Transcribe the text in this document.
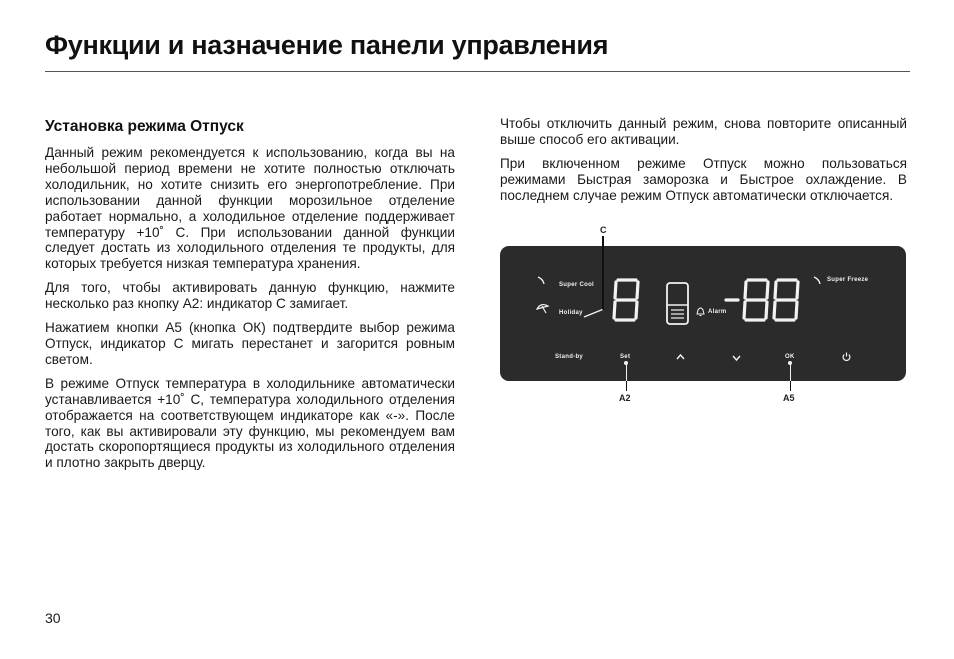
Функции и назначение панели управления
Установка режима Отпуск

Данный режим рекомендуется к использованию, когда вы на небольшой период времени не хотите полностью отключать холодильник, но хотите снизить его энергопотребление. При использовании данной функции морозильное отделение работает нормально, а холодильное отделение поддерживает температуру +10˚ С. При использовании данной функции следует достать из холодильного отделения те продукты, для которых требуется низкая температура хранения.

Для того, чтобы активировать данную функцию, нажмите несколько раз кнопку А2: индикатор С замигает.

Нажатием кнопки А5 (кнопка ОК) подтвердите выбор режима Отпуск, индикатор С мигать перестанет и загорится ровным светом.

В режиме Отпуск температура в холодильнике автоматически устанавливается +10˚ С, температура холодильного отделения отображается на соответствующем индикаторе как «-». После того, как вы активировали эту функцию, мы рекомендуем вам достать скоропортящиеся продукты из холодильного отделения и плотно закрыть дверцу.

Чтобы отключить данный режим, снова повторите описанный выше способ его активации.

При включенном режиме Отпуск можно пользоваться режимами Быстрая заморозка и Быстрое охлаждение. В последнем случае режим Отпуск автоматически отключается.

C
Super Cool
Holiday	Alarm
Super Freeze
Stand-by	Set	OK
A2	A5
30
